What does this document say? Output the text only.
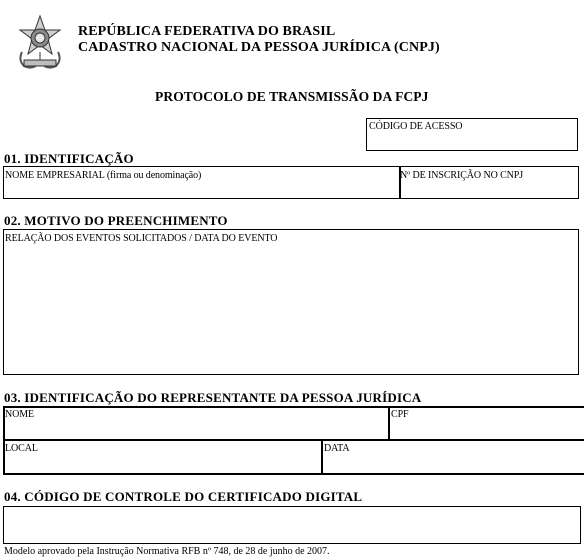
REPÚBLICA FEDERATIVA DO BRASIL
CADASTRO NACIONAL DA PESSOA JURÍDICA (CNPJ)
PROTOCOLO DE TRANSMISSÃO DA FCPJ
CÓDIGO DE ACESSO
01. IDENTIFICAÇÃO
NOME EMPRESARIAL (firma ou denominação)	Nº DE INSCRIÇÃO NO CNPJ
02. MOTIVO DO PREENCHIMENTO
RELAÇÃO DOS EVENTOS SOLICITADOS / DATA DO EVENTO
03. IDENTIFICAÇÃO DO REPRESENTANTE DA PESSOA JURÍDICA
NOME	CPF
LOCAL	DATA
04. CÓDIGO DE CONTROLE DO CERTIFICADO DIGITAL
Modelo aprovado pela Instrução Normativa RFB nº 748, de 28 de junho de 2007.
